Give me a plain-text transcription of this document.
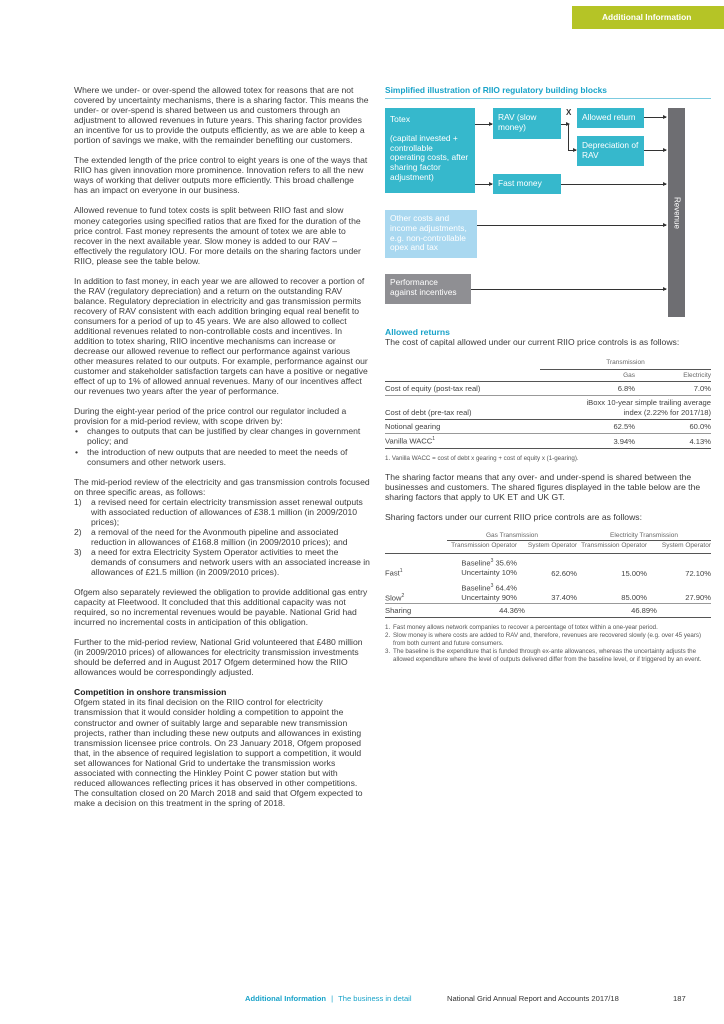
Additional Information

Where we under- or over-spend the allowed totex for reasons that are not covered by uncertainty mechanisms, there is a sharing factor. This means the under- or over-spend is shared between us and customers through an adjustment to allowed revenues in future years. This sharing factor provides an incentive for us to provide the outputs efficiently, as we are able to keep a portion of savings we make, with the remainder benefiting our customers.

The extended length of the price control to eight years is one of the ways that RIIO has given innovation more prominence. Innovation refers to all the new ways of working that deliver outputs more efficiently. This broad challenge has an impact on everyone in our business.

Allowed revenue to fund totex costs is split between RIIO fast and slow money categories using specified ratios that are fixed for the duration of the price control. Fast money represents the amount of totex we are able to recover in the next available year. Slow money is added to our RAV – effectively the regulatory IOU. For more details on the sharing factors under RIIO, please see the table below.

In addition to fast money, in each year we are allowed to recover a portion of the RAV (regulatory depreciation) and a return on the outstanding RAV balance. Regulatory depreciation in electricity and gas transmission permits recovery of RAV consistent with each addition bringing equal real benefit to consumers for a period of up to 45 years. We are also allowed to collect additional revenues related to non-controllable costs and incentives. In addition to totex sharing, RIIO incentive mechanisms can increase or decrease our allowed revenue to reflect our performance against various other measures related to our outputs. For example, performance against our customer and stakeholder satisfaction targets can have a positive or negative effect of up to 1% of allowed annual revenues. Many of our incentives affect our revenues two years after the year of performance.

During the eight-year period of the price control our regulator included a provision for a mid-period review, with scope driven by:

• changes to outputs that can be justified by clear changes in government policy; and
• the introduction of new outputs that are needed to meet the needs of consumers and other network users.

The mid-period review of the electricity and gas transmission controls focused on three specific areas, as follows:

1) a revised need for certain electricity transmission asset renewal outputs with associated reduction of allowances of £38.1 million (in 2009/2010 prices);
2) a removal of the need for the Avonmouth pipeline and associated reduction in allowances of £168.8 million (in 2009/2010 prices); and
3) a need for extra Electricity System Operator activities to meet the demands of consumers and network users with an associated increase in allowances of £21.5 million (in 2009/2010 prices).

Ofgem also separately reviewed the obligation to provide additional gas entry capacity at Fleetwood. It concluded that this additional capacity was not required, so no incremental revenues would be payable. National Grid had incurred no incremental costs in anticipation of this obligation.

Further to the mid-period review, National Grid volunteered that £480 million (in 2009/2010 prices) of allowances for electricity transmission investments should be deferred and in August 2017 Ofgem determined how the RIIO allowances would be correspondingly adjusted.

Competition in onshore transmission

Ofgem stated in its final decision on the RIIO control for electricity transmission that it would consider holding a competition to appoint the constructor and owner of suitably large and separable new transmission projects, rather than including these new outputs and allowances in existing transmission licensee price controls. On 23 January 2018, Ofgem proposed that, in the absence of required legislation to support a competition, it would set allowances for National Grid to undertake the transmission works associated with connecting the Hinkley Point C power station but with reduced allowances reflecting prices it has observed in other competitions. The consultation closed on 20 March 2018 and said that Ofgem expected to make a decision on this treatment in the spring of 2018.

Simplified illustration of RIIO regulatory building blocks
Totex
(capital invested + controllable operating costs, after sharing factor adjustment)
RAV (slow money)
Allowed return
Depreciation of RAV
Fast money
Other costs and income adjustments, e.g. non-controllable opex and tax
Performance against incentives
Revenue
X
Allowed returns
The cost of capital allowed under our current RIIO price controls is as follows:
	Transmission	
	Gas	Electricity
Cost of equity (post-tax real)	6.8%	7.0%
Cost of debt (pre-tax real)	iBoxx 10-year simple trailing average index (2.22% for 2017/18)	
Notional gearing	62.5%	60.0%
Vanilla WACC$^1$	3.94%	4.13%
1. Vanilla WACC = cost of debt x gearing + cost of equity x (1-gearing).
The sharing factor means that any over- and under-spend is shared between the businesses and customers. The shared figures displayed in the table below are the sharing factors that apply to UK ET and UK GT.
Sharing factors under our current RIIO price controls are as follows:
	Gas Transmission		Electricity Transmission	
	Transmission Operator	System Operator	Transmission Operator	System Operator
Fast$^1$	Baseline$^3$ 35.6%
Uncertainty 10%	62.60%	15.00%	72.10%
Slow$^2$	Baseline$^3$ 64.4%
Uncertainty 90%	37.40%	85.00%	27.90%
Sharing	44.36%		46.89%	
1. Fast money allows network companies to recover a percentage of totex within a one-year period.
2. Slow money is where costs are added to RAV and, therefore, revenues are recovered slowly (e.g. over 45 years) from both current and future consumers.
3. The baseline is the expenditure that is funded through ex-ante allowances, whereas the uncertainty adjusts the allowed expenditure where the level of outputs delivered differ from the baseline level, or if triggered by an event.
Additional Information | The business in detail	National Grid Annual Report and Accounts 2017/18	187
